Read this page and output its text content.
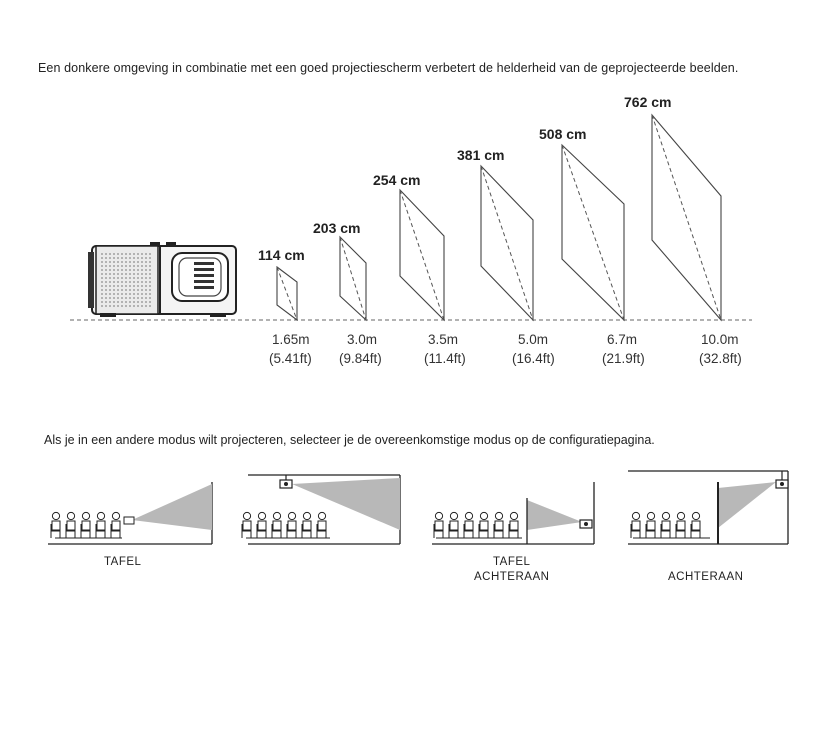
Een donkere omgeving in combinatie met een goed projectiescherm verbetert de helderheid van de geprojecteerde beelden.
Als je in een andere modus wilt projecteren, selecteer je de overeenkomstige modus op de configuratiepagina.
114 cm
1.65m
(5.41ft)
203 cm
3.0m
(9.84ft)
254 cm
3.5m
(11.4ft)
381 cm
5.0m
(16.4ft)
508 cm
6.7m
(21.9ft)
762 cm
10.0m
(32.8ft)
TAFEL	TAFEL
ACHTERAAN	ACHTERAAN
